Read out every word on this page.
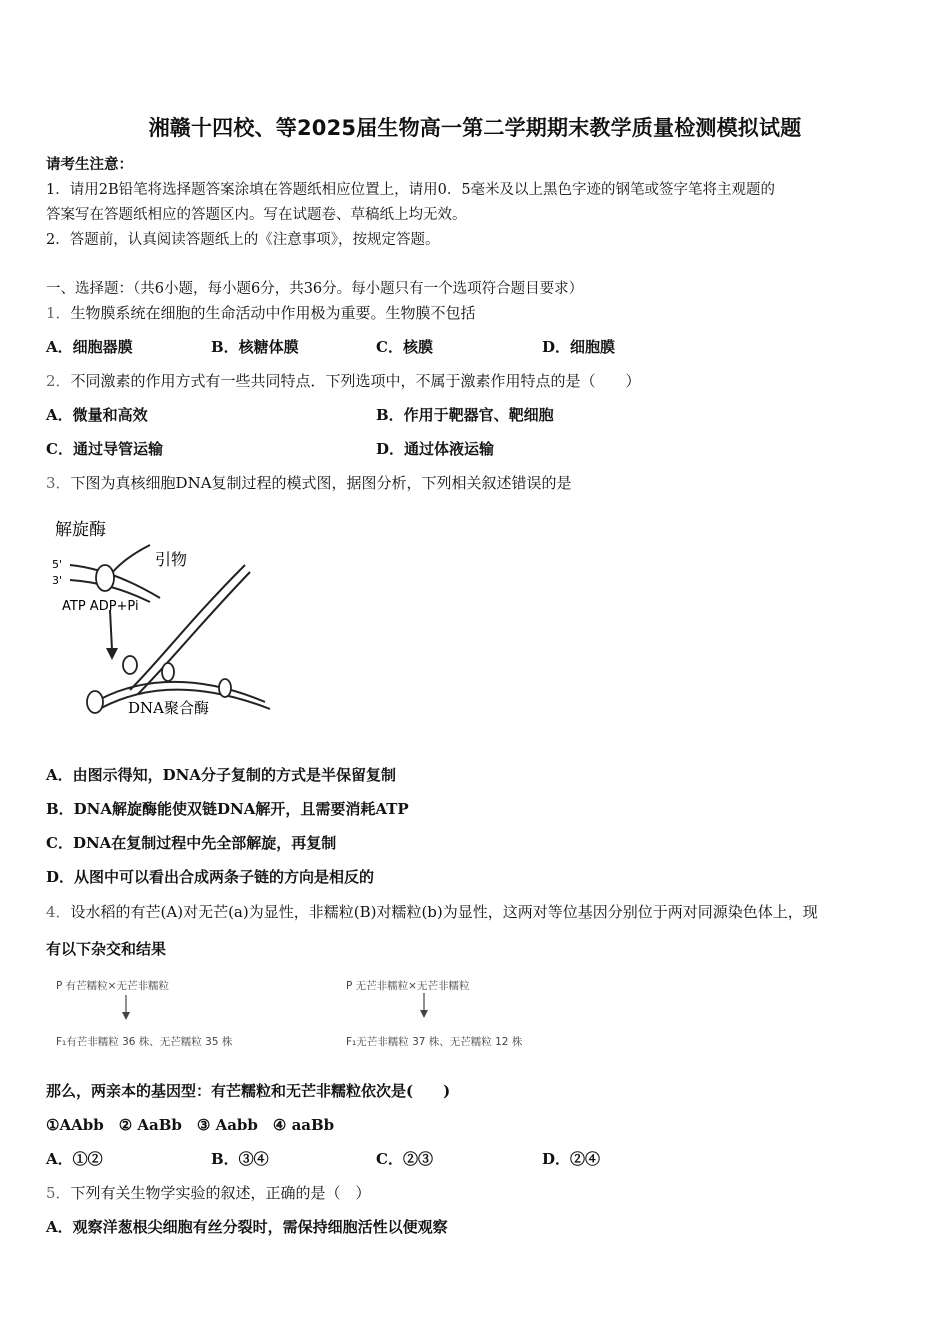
湘赣十四校、等2025届生物高一第二学期期末教学质量检测模拟试题
请考生注意：
1．请用2B铅笔将选择题答案涂填在答题纸相应位置上，请用0．5毫米及以上黑色字迹的钢笔或签字笔将主观题的
答案写在答题纸相应的答题区内。写在试题卷、草稿纸上均无效。
2．答题前，认真阅读答题纸上的《注意事项》，按规定答题。
一、选择题：（共6小题，每小题6分，共36分。每小题只有一个选项符合题目要求）
1．生物膜系统在细胞的生命活动中作用极为重要。生物膜不包括
A．细胞器膜	B．核糖体膜	C．核膜	D．细胞膜
2．不同激素的作用方式有一些共同特点．下列选项中，不属于激素作用特点的是（　　）
A．微量和高效	B．作用于靶器官、靶细胞
C．通过导管运输	D．通过体液运输
3．下图为真核细胞DNA复制过程的模式图，据图分析，下列相关叙述错误的是
解旋酶
引物
5'
3'
ATP ADP+Pi
DNA聚合酶
A．由图示得知，DNA分子复制的方式是半保留复制
B．DNA解旋酶能使双链DNA解开，且需要消耗ATP
C．DNA在复制过程中先全部解旋，再复制
D．从图中可以看出合成两条子链的方向是相反的
4．设水稻的有芒(A)对无芒(a)为显性，非糯粒(B)对糯粒(b)为显性，这两对等位基因分别位于两对同源染色体上，现
有以下杂交和结果
P 有芒糯粒×无芒非糯粒
F₁有芒非糯粒 36 株、无芒糯粒 35 株
P 无芒非糯粒×无芒非糯粒
F₁无芒非糯粒 37 株、无芒糯粒 12 株
那么，两亲本的基因型：有芒糯粒和无芒非糯粒依次是(　　)
①AAbb　② AaBb　③ Aabb　④ aaBb
A．①②	B．③④	C．②③	D．②④
5．下列有关生物学实验的叙述，正确的是（　）
A．观察洋葱根尖细胞有丝分裂时，需保持细胞活性以便观察
